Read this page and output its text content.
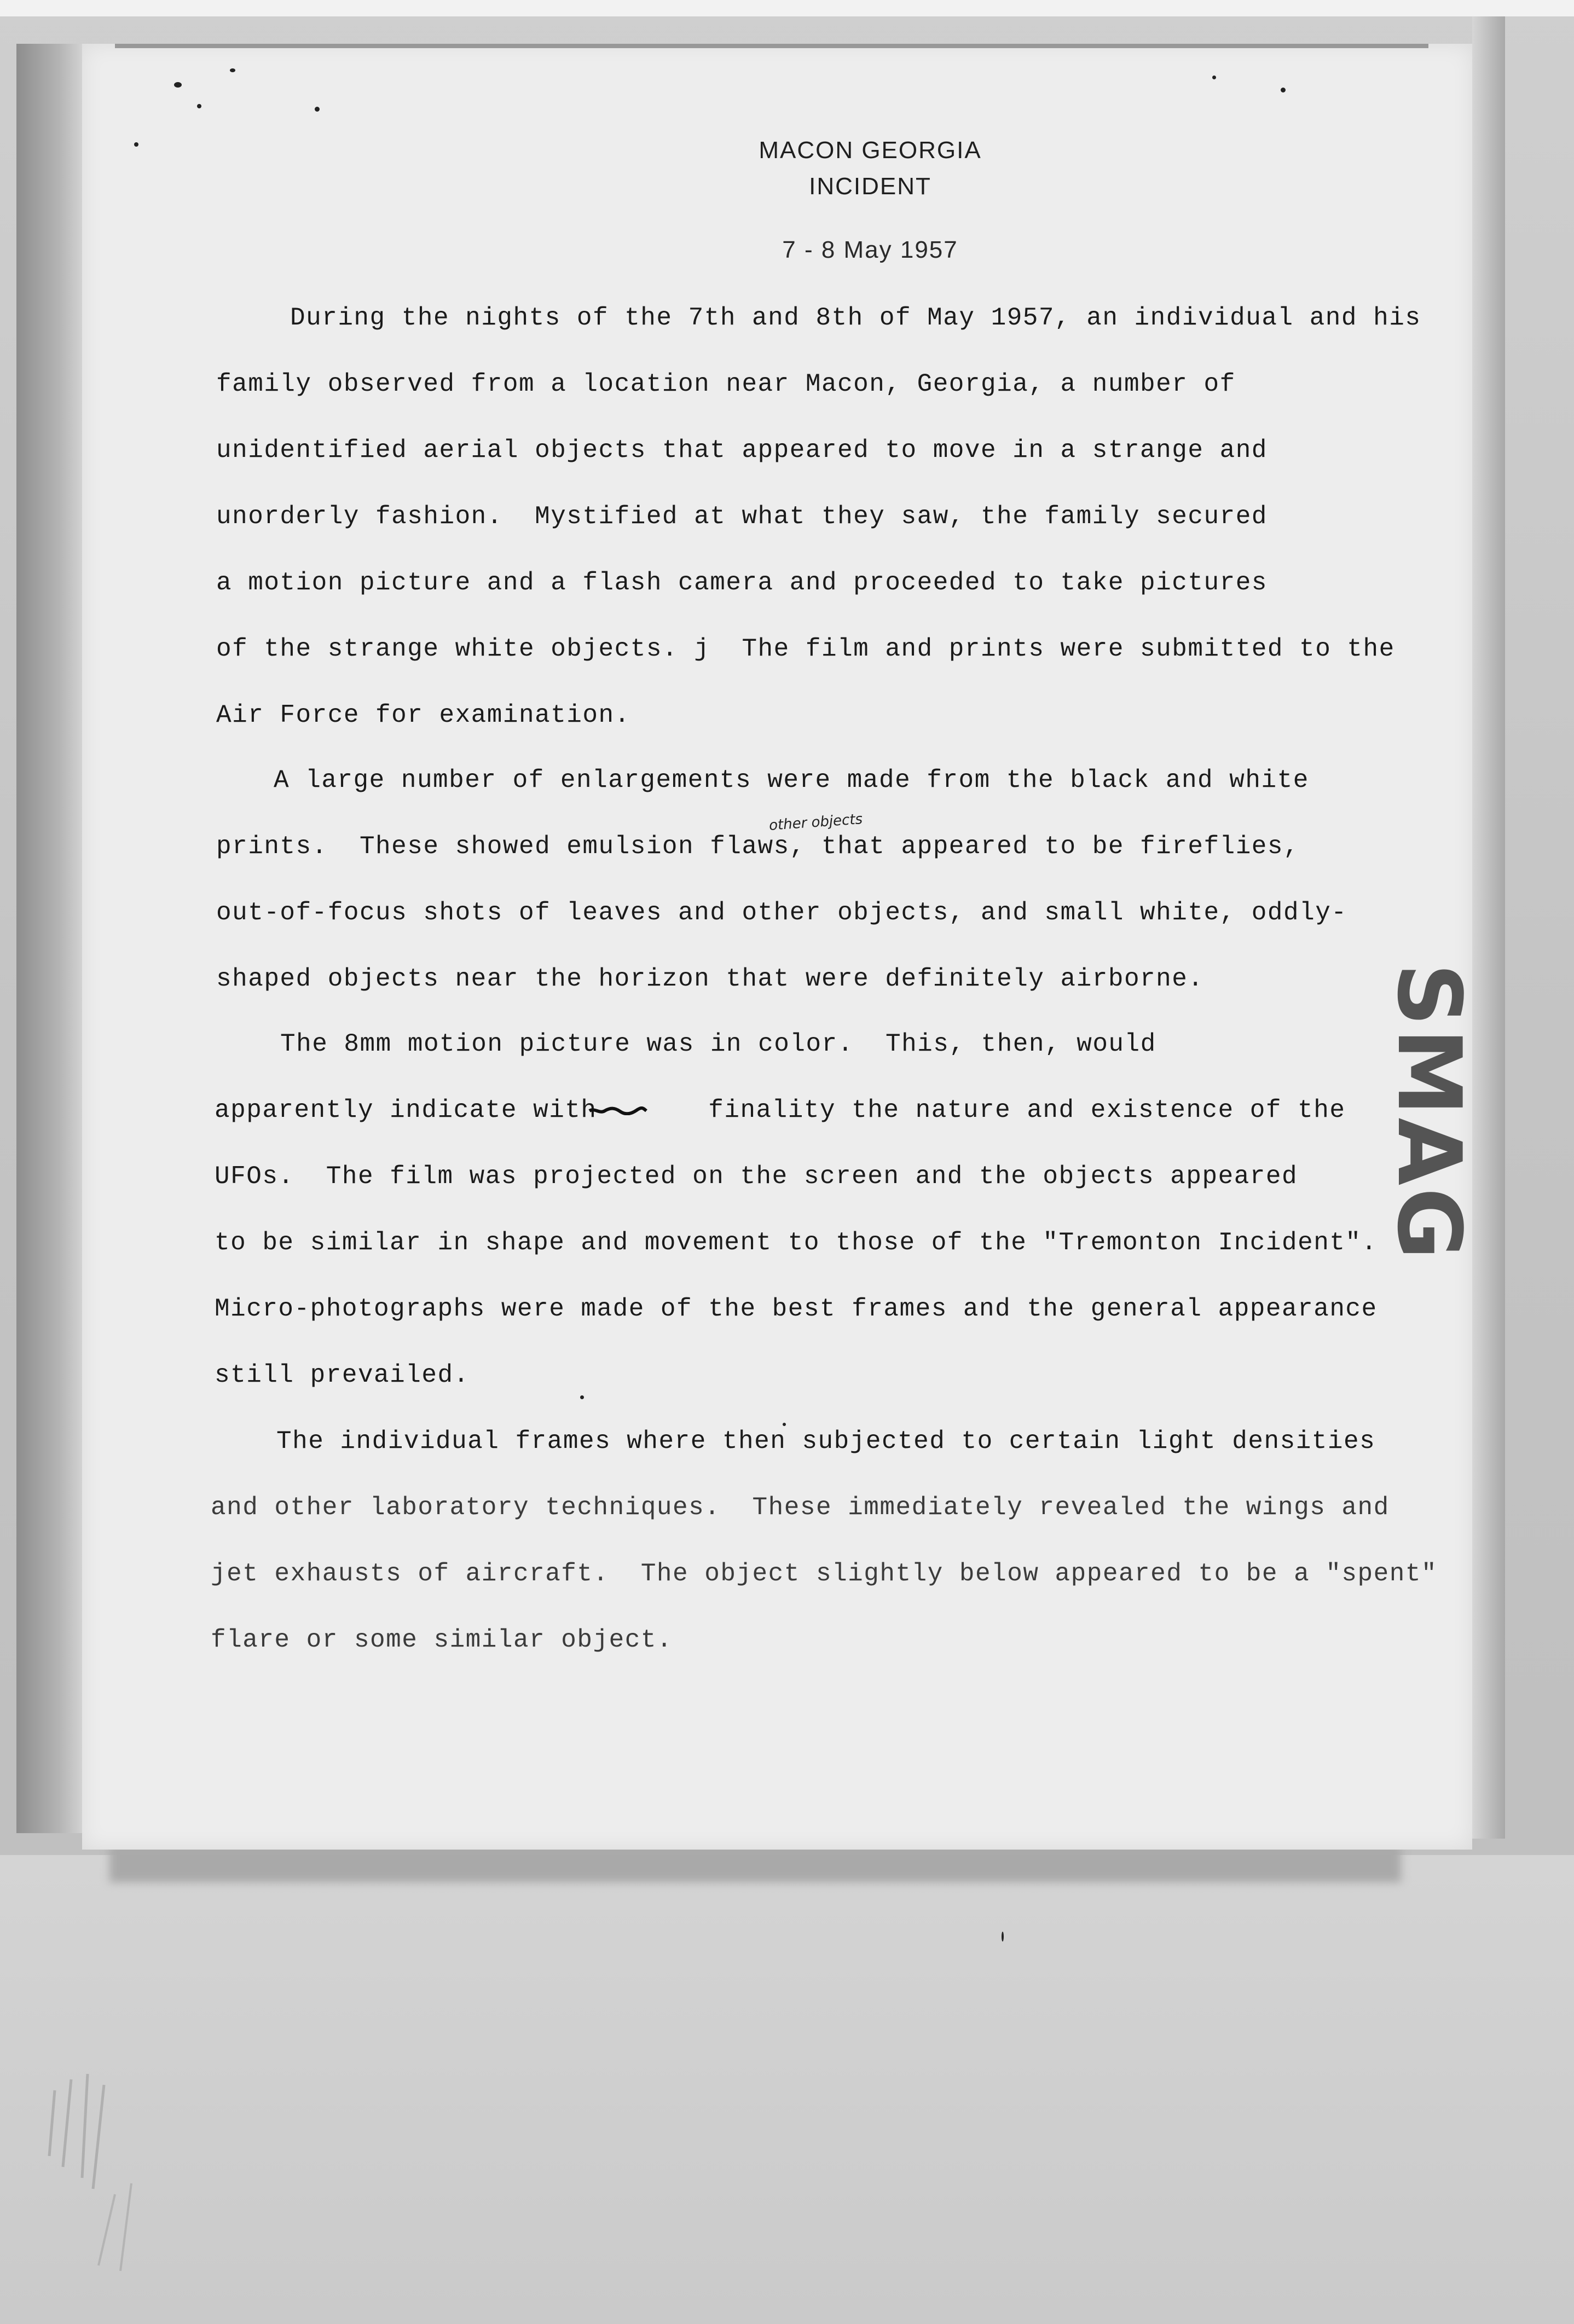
MACON GEORGIA
INCIDENT
7 - 8 May 1957
During the nights of the 7th and 8th of May 1957, an individual and his
family observed from a location near Macon, Georgia, a number of
unidentified aerial objects that appeared to move in a strange and
unorderly fashion.  Mystified at what they saw, the family secured
a motion picture and a flash camera and proceeded to take pictures
of the strange white objects. j  The film and prints were submitted to the
Air Force for examination.
A large number of enlargements were made from the black and white
other objects
prints.  These showed emulsion flaws, that appeared to be fireflies,
out-of-focus shots of leaves and other objects, and small white, oddly-
shaped objects near the horizon that were definitely airborne.
The 8mm motion picture was in color.  This, then, would
apparently indicate with       finality the nature and existence of the
UFOs.  The film was projected on the screen and the objects appeared
to be similar in shape and movement to those of the "Tremonton Incident".
Micro-photographs were made of the best frames and the general appearance
still prevailed.
The individual frames where then subjected to certain light densities
and other laboratory techniques.  These immediately revealed the wings and
jet exhausts of aircraft.  The object slightly below appeared to be a "spent"
flare or some similar object.
SMAG
